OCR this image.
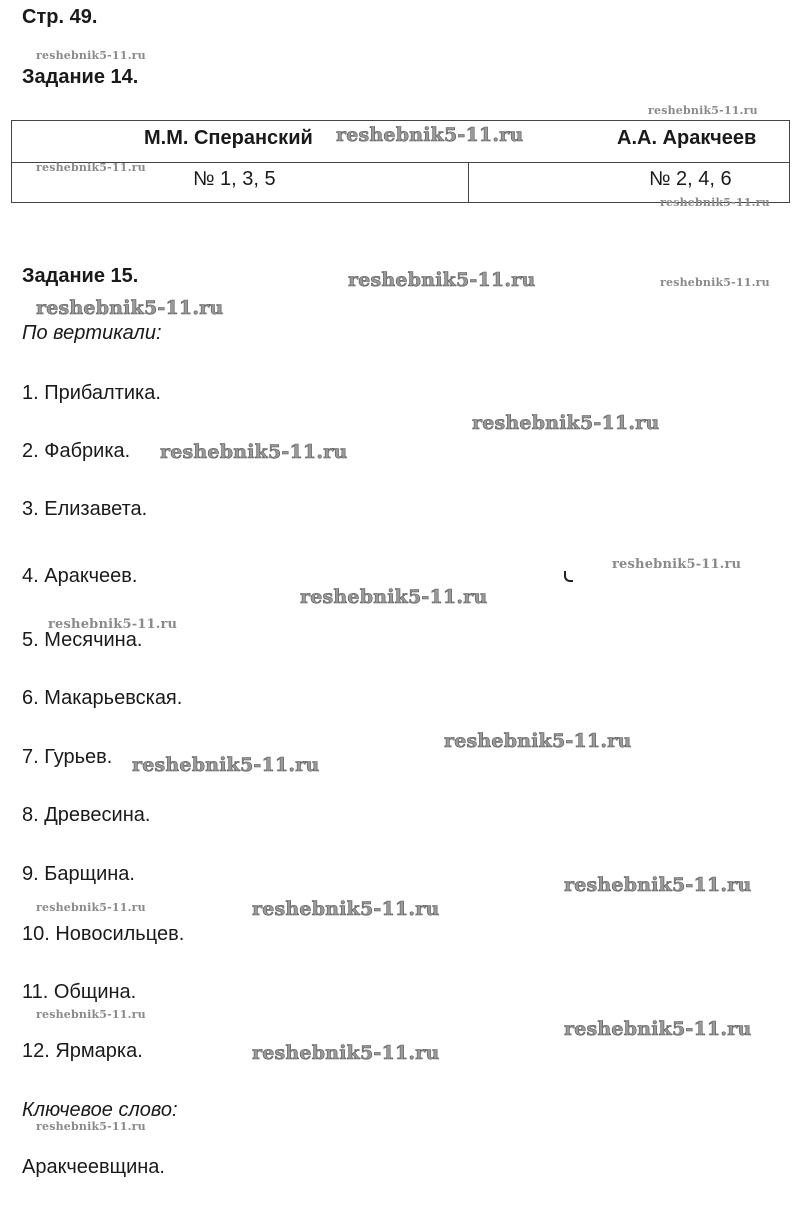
Стр. 49.
Задание 14.
М.М. Сперанский	А.А. Аракчеев
№ 1, 3, 5	№ 2, 4, 6
Задание 15.
По вертикали:
1. Прибалтика.
2. Фабрика.
3. Елизавета.
4. Аракчеев.
5. Месячина.
6. Макарьевская.
7. Гурьев.
8. Древесина.
9. Барщина.
10. Новосильцев.
11. Община.
12. Ярмарка.
Ключевое слово:
Аракчеевщина.
reshebnik5-11.ru
reshebnik5-11.ru
reshebnik5-11.ru
reshebnik5-11.ru
reshebnik5-11.ru
reshebnik5-11.ru	reshebnik5-11.ru
reshebnik5-11.ru
reshebnik5-11.ru
reshebnik5-11.ru
reshebnik5-11.ru
reshebnik5-11.ru
reshebnik5-11.ru
reshebnik5-11.ru
reshebnik5-11.ru
reshebnik5-11.ru
reshebnik5-11.ru	reshebnik5-11.ru
reshebnik5-11.ru
reshebnik5-11.ru
reshebnik5-11.ru
reshebnik5-11.ru
